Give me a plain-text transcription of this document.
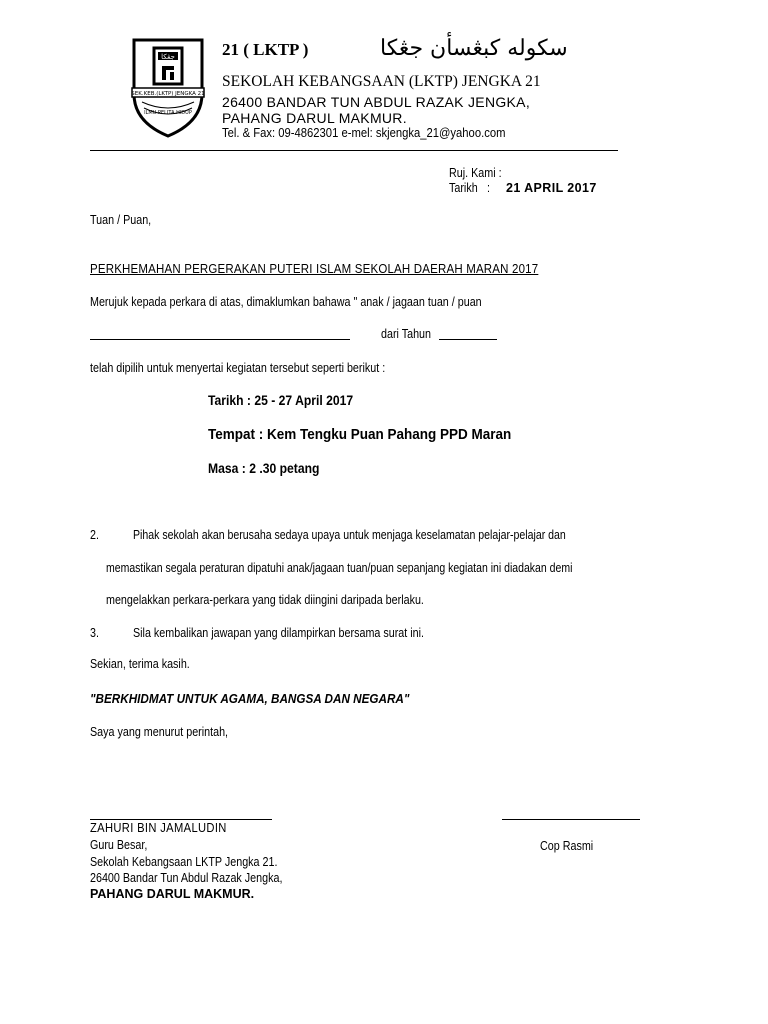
جڠکا
SEK.KEB.(LKTP) JENGKA 21
ILMU PELITA HIDUP
21 ( LKTP )	سکوله کبڠسأن جڠکا
SEKOLAH KEBANGSAAN (LKTP) JENGKA 21
26400 BANDAR TUN ABDUL RAZAK JENGKA,
PAHANG DARUL MAKMUR.
Tel. & Fax: 09-4862301 e-mel: skjengka_21@yahoo.com
Ruj. Kami :
Tarikh : 21 APRIL 2017
Tuan / Puan,
PERKHEMAHAN PERGERAKAN PUTERI ISLAM SEKOLAH DAERAH MARAN 2017
Merujuk kepada perkara di atas, dimaklumkan bahawa " anak / jagaan tuan / puan
dari Tahun
telah dipilih untuk menyertai kegiatan tersebut seperti berikut :
Tarikh : 25 - 27 April 2017
Tempat : Kem Tengku Puan Pahang PPD Maran
Masa : 2 .30 petang
2.	Pihak sekolah akan berusaha sedaya upaya untuk menjaga keselamatan pelajar-pelajar dan
memastikan segala peraturan dipatuhi anak/jagaan tuan/puan sepanjang kegiatan ini diadakan demi
mengelakkan perkara-perkara yang tidak diingini daripada berlaku.
3.	Sila kembalikan jawapan yang dilampirkan bersama surat ini.
Sekian, terima kasih.
"BERKHIDMAT UNTUK AGAMA, BANGSA DAN NEGARA"
Saya yang menurut perintah,
ZAHURI BIN JAMALUDIN
Guru Besar,
Sekolah Kebangsaan LKTP Jengka 21.
26400 Bandar Tun Abdul Razak Jengka,
PAHANG DARUL MAKMUR.
Cop Rasmi
